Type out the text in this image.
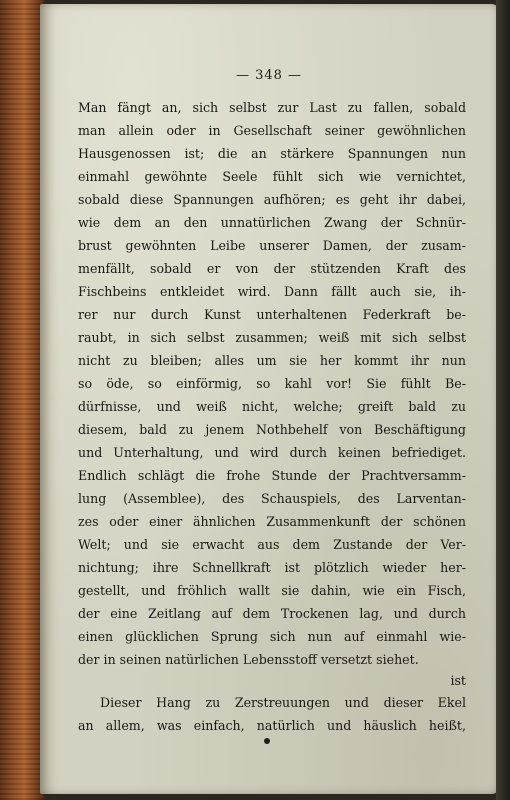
— 348 —
Man fängt an, sich selbst zur Last zu fallen, sobald
man allein oder in Gesellschaft seiner gewöhnlichen
Hausgenossen ist; die an stärkere Spannungen nun
einmahl gewöhnte Seele fühlt sich wie vernichtet,
sobald diese Spannungen aufhören; es geht ihr dabei,
wie dem an den unnatürlichen Zwang der Schnür-
brust gewöhnten Leibe unserer Damen, der zusam-
menfällt, sobald er von der stützenden Kraft des
Fischbeins entkleidet wird. Dann fällt auch sie, ih-
rer nur durch Kunst unterhaltenen Federkraft be-
raubt, in sich selbst zusammen; weiß mit sich selbst
nicht zu bleiben; alles um sie her kommt ihr nun
so öde, so einförmig, so kahl vor! Sie fühlt Be-
dürfnisse, und weiß nicht, welche; greift bald zu
diesem, bald zu jenem Nothbehelf von Beschäftigung
und Unterhaltung, und wird durch keinen befriediget.
Endlich schlägt die frohe Stunde der Prachtversamm-
lung (Assemblee), des Schauspiels, des Larventan-
zes oder einer ähnlichen Zusammenkunft der schönen
Welt; und sie erwacht aus dem Zustande der Ver-
nichtung; ihre Schnellkraft ist plötzlich wieder her-
gestellt, und fröhlich wallt sie dahin, wie ein Fisch,
der eine Zeitlang auf dem Trockenen lag, und durch
einen glücklichen Sprung sich nun auf einmahl wie-
der in seinen natürlichen Lebensstoff versetzt siehet.
Dieser Hang zu Zerstreuungen und dieser Ekel
an allem, was einfach, natürlich und häuslich heißt,
ist
